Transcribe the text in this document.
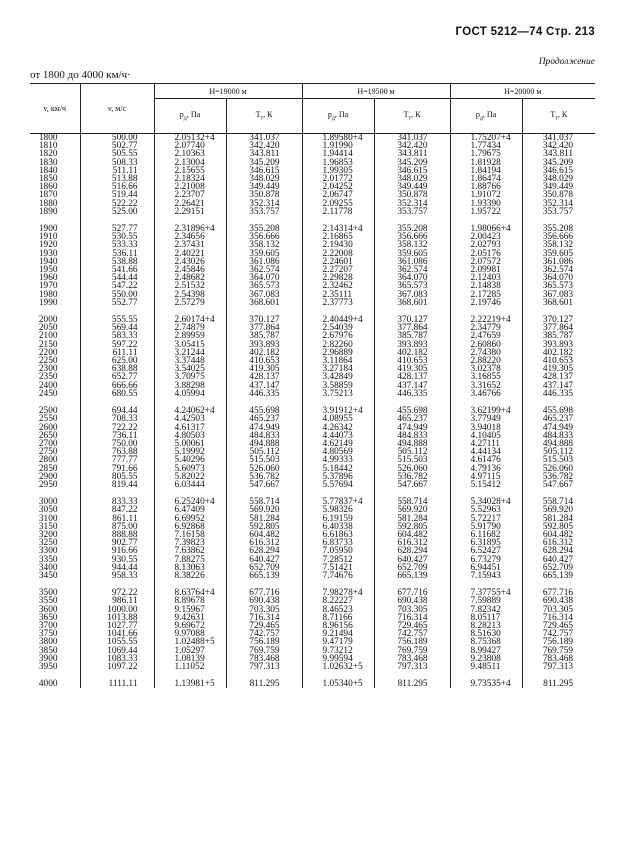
ГОСТ 5212—74 Стр. 213
Продолжение
от 1800 до 4000 км/ч·
v, км/ч	v, м/с	H=19000 м		H=19500 м		H=20000 м	
		$p_д$, Па	$T_т$, К	$p_д$, Па	$T_т$, К	$p_д$, Па	$T_т$, К
1800	500.00	2.05132+4	341.037	1.89580+4	341.037	1.75207+4	341.037
1810	502.77	2.07740	342.420	1.91990	342.420	1.77434	342.420
1820	505.55	2.10363	343.811	1.94414	343.811	1.79675	343.811
1830	508.33	2.13004	345.209	1.96853	345.209	1.81928	345.209
1840	511.11	2.15655	346.615	1.99305	346.615	1.84194	346.615
1850	513.88	2.18324	348.029	2.01772	348.029	1.86474	348.029
1860	516.66	2.21008	349.449	2.04252	349.449	1.88766	349.449
1870	519.44	2.23707	350.878	2.06747	350.878	1.91072	350.878
1880	522.22	2.26421	352.314	2.09255	352.314	1.93390	352.314
1890	525.00	2.29151	353.757	2.11778	353.757	1.95722	353.757

1900	527.77	2.31896+4	355.208	2.14314+4	355.208	1.98066+4	355.208
1910	530.55	2.34656	356.666	2.16865	356.666	2.00423	356.666
1920	533.33	2.37431	358.132	2.19430	358.132	2.02793	358.132
1930	536.11	2.40221	359.605	2.22008	359.605	2.05176	359.605
1940	538.88	2.43026	361.086	2.24601	361.086	2.07572	361.086
1950	541.66	2.45846	362.574	2.27207	362.574	2.09981	362.574
1960	544.44	2.48682	364.070	2.29828	364.070	2.12403	364.070
1970	547.22	2.51532	365.573	2.32462	365.573	2.14838	365.573
1980	550.00	2.54398	367.083	2.35111	367.083	2.17285	367.083
1990	552.77	2.57279	368.601	2.37773	368.601	2.19746	368.601

2000	555.55	2.60174+4	370.127	2.40449+4	370.127	2.22219+4	370.127
2050	569.44	2.74879	377.864	2.54039	377.864	2.34779	377.864
2100	583.33	2.89959	385.787	2.67976	385.787	2.47659	385.787
2150	597.22	3.05415	393.893	2.82260	393.893	2.60860	393.893
2200	611.11	3.21244	402.182	2.96889	402.182	2.74380	402.182
2250	625.00	3.37448	410.653	3.11864	410.653	2.88220	410.653
2300	638.88	3.54025	419.305	3.27184	419.305	3.02378	419.305
2350	652.77	3.70975	428.137	3.42849	428.137	3.16855	428.137
2400	666.66	3.88298	437.147	3.58859	437.147	3.31652	437.147
2450	680.55	4.05994	446.335	3.75213	446.335	3.46766	446.335

2500	694.44	4.24062+4	455.698	3.91912+4	455.698	3.62199+4	455.698
2550	708.33	4.42503	465.237	4.08955	465.237	3.77949	465.237
2600	722.22	4.61317	474.949	4.26342	474.949	3.94018	474.949
2650	736.11	4.80503	484.833	4.44073	484.833	4.10405	484.833
2700	750.00	5.00061	494.888	4.62149	494.888	4.27111	494.888
2750	763.88	5.19992	505.112	4.80569	505.112	4.44134	505.112
2800	777.77	5.40296	515.503	4.99333	515.503	4.61476	515.503
2850	791.66	5.60973	526.060	5.18442	526.060	4.79136	526.060
2900	805.55	5.82022	536.782	5.37896	536.782	4.97115	536.782
2950	819.44	6.03444	547.667	5.57694	547.667	5.15412	547.667

3000	833.33	6.25240+4	558.714	5.77837+4	558.714	5.34028+4	558.714
3050	847.22	6.47409	569.920	5.98326	569.920	5.52963	569.920
3100	861.11	6.69952	581.284	6.19159	581.284	5.72217	581.284
3150	875.00	6.92868	592.805	6.40338	592.805	5.91790	592.805
3200	888.88	7.16158	604.482	6.61863	604.482	6.11682	604.482
3250	902.77	7.39823	616.312	6.83733	616.312	6.31895	616.312
3300	916.66	7.63862	628.294	7.05950	628.294	6.52427	628.294
3350	930.55	7.88275	640.427	7.28512	640.427	6.73279	640.427
3400	944.44	8.13063	652.709	7.51421	652.709	6.94451	652.709
3450	958.33	8.38226	665.139	7.74676	665.139	7.15943	665.139

3500	972.22	8.63764+4	677.716	7.98278+4	677.716	7.37755+4	677.716
3550	986.11	8.89678	690.438	8.22227	690.438	7.59889	690.438
3600	1000.00	9.15967	703.305	8.46523	703.305	7.82342	703.305
3650	1013.88	9.42631	716.314	8.71166	716.314	8.05117	716.314
3700	1027.77	9.69672	729.465	8.96156	729.465	8.28213	729.465
3750	1041.66	9.97088	742.757	9.21494	742.757	8.51630	742.757
3800	1055.55	1.02488+5	756.189	9.47179	756.189	8.75368	756.189
3850	1069.44	1.05297	769.759	9.73212	769.759	8.99427	769.759
3900	1083.33	1.08139	783.468	9.99594	783.468	9.23808	783.468
3950	1097.22	1.11052	797.313	1.02632+5	797.313	9.48511	797.313

4000	1111.11	1.13981+5	811.295	1.05340+5	811.295	9.73535+4	811.295
